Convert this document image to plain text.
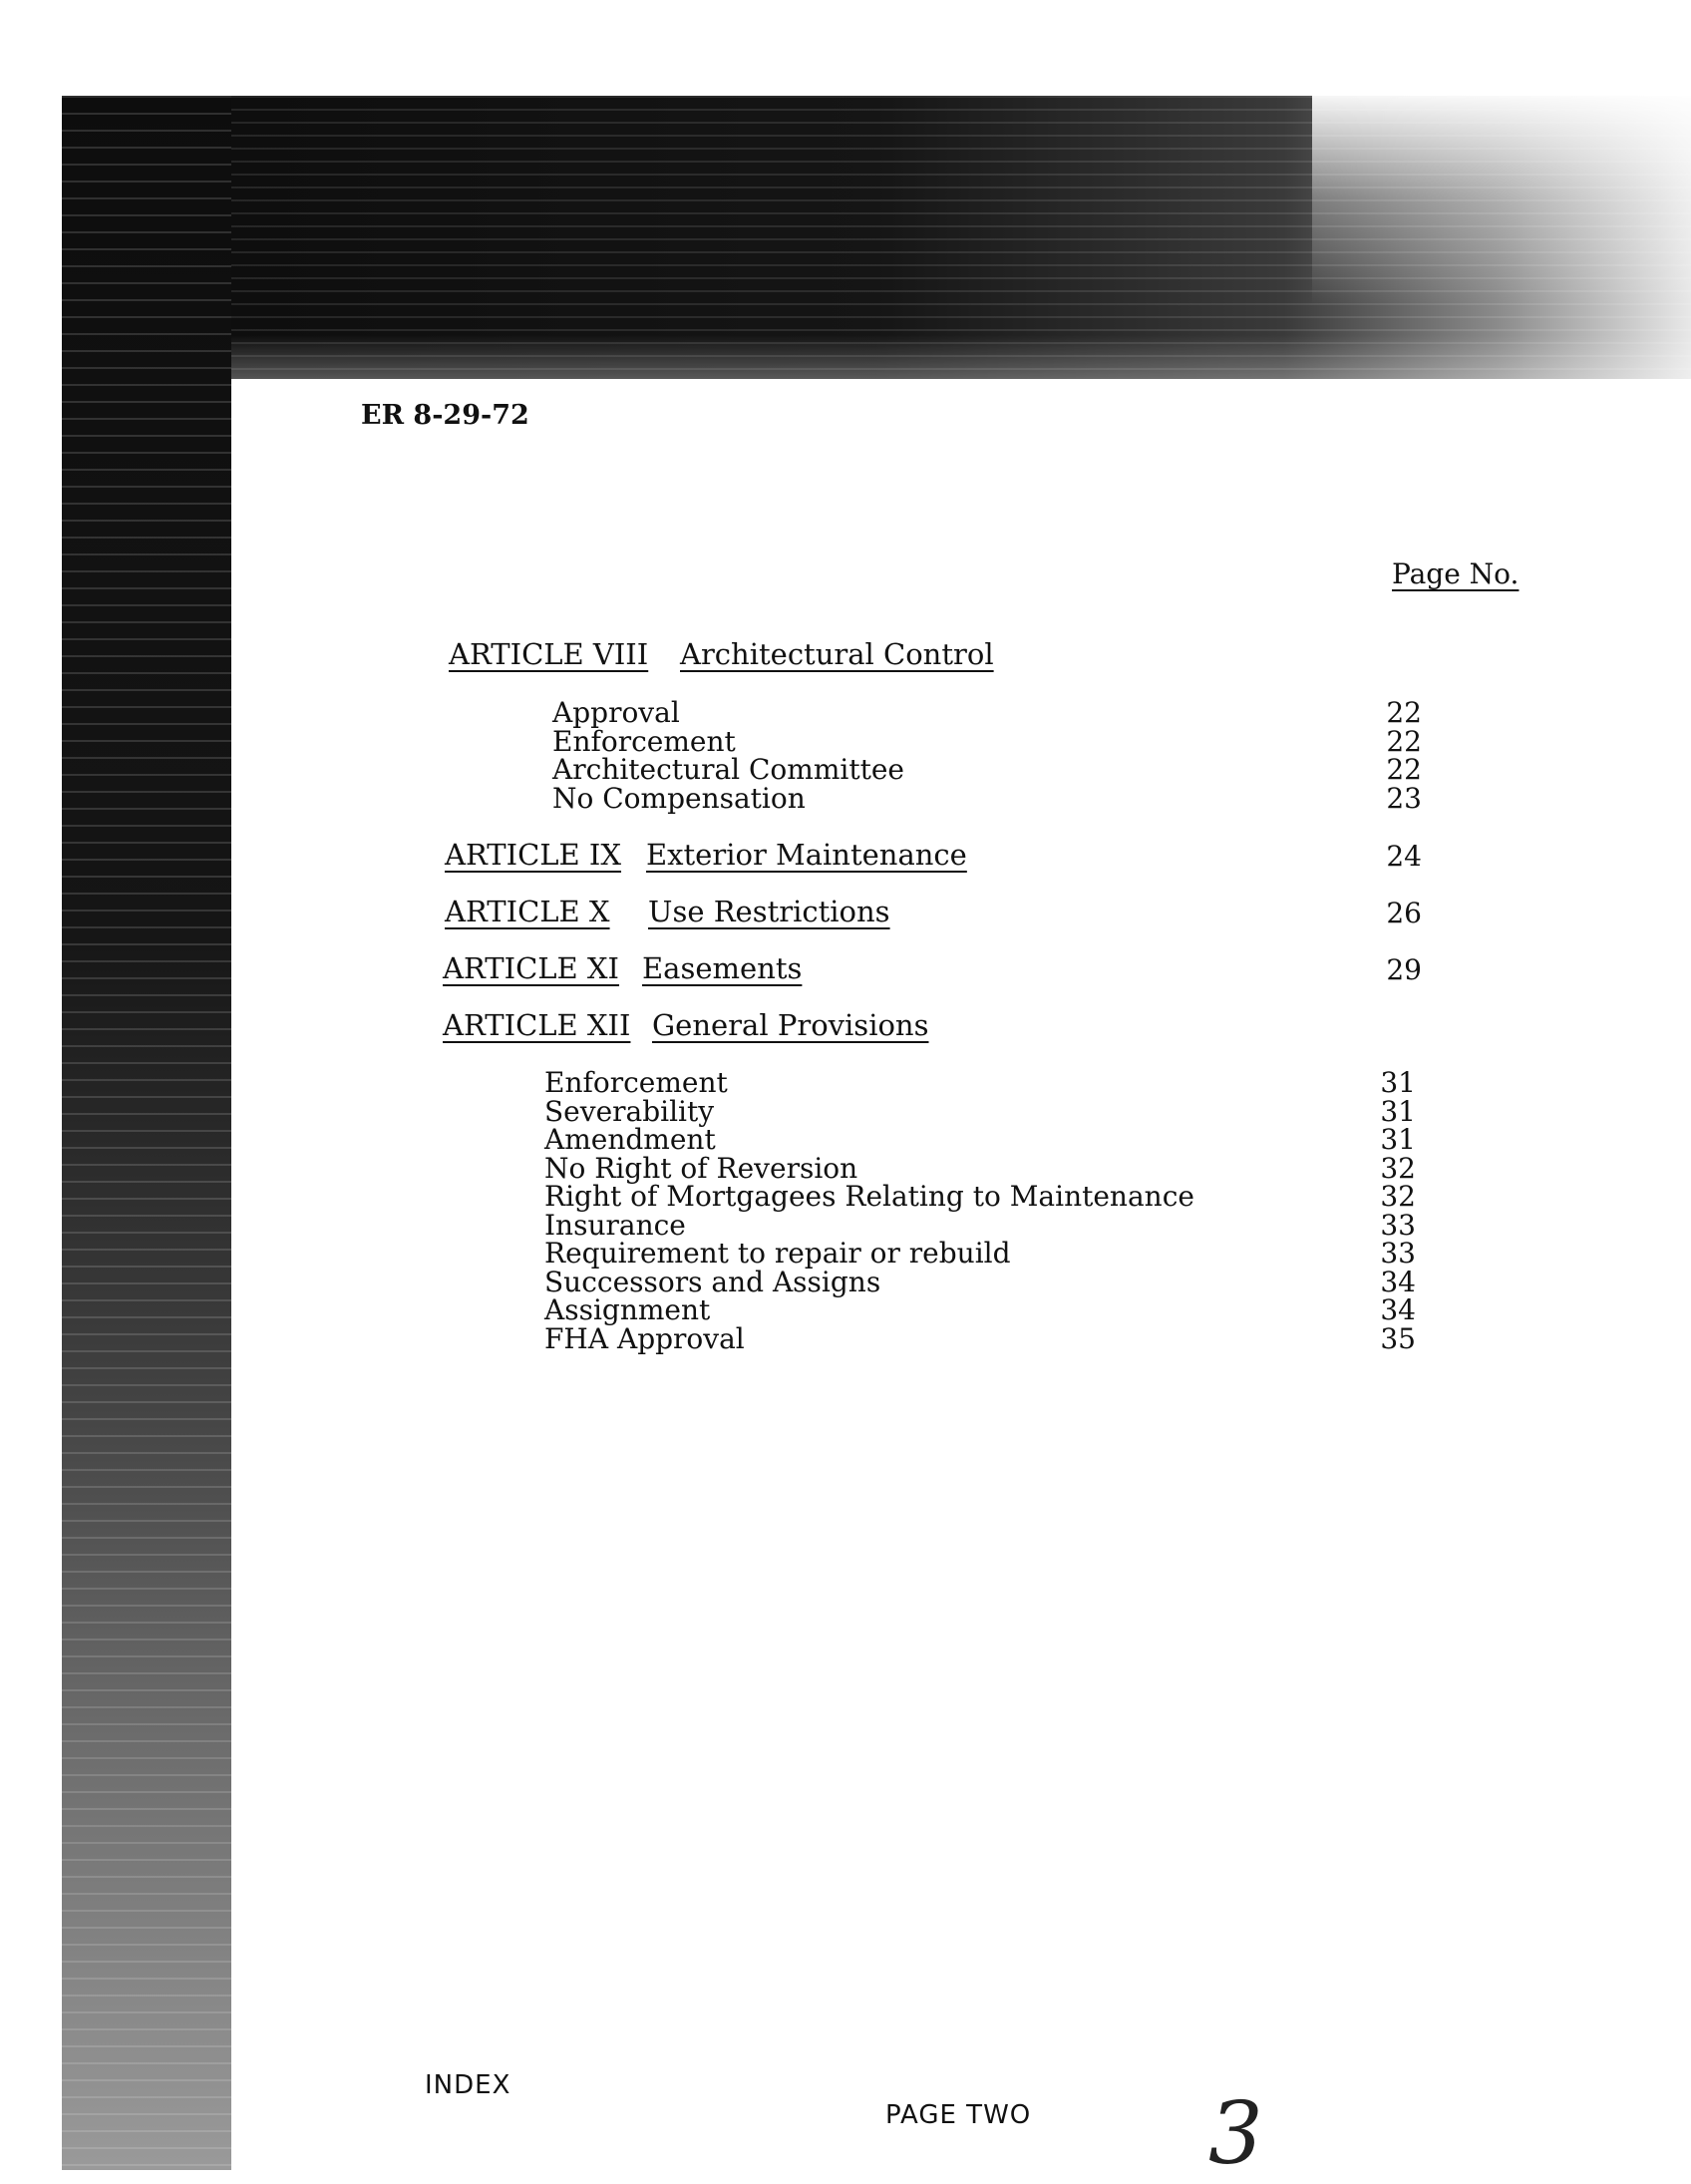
ER 8-29-72
Page No.
ARTICLE VIII Architectural Control
Approval	22
Enforcement	22
Architectural Committee	22
No Compensation	23
ARTICLE IX Exterior Maintenance	24
ARTICLE X Use Restrictions	26
ARTICLE XI Easements	29
ARTICLE XII General Provisions
Enforcement	31
Severability	31
Amendment	31
No Right of Reversion	32
Right of Mortgagees Relating to Maintenance	32
Insurance	33
Requirement to repair or rebuild	33
Successors and Assigns	34
Assignment	34
FHA Approval	35
INDEX
PAGE TWO 3
